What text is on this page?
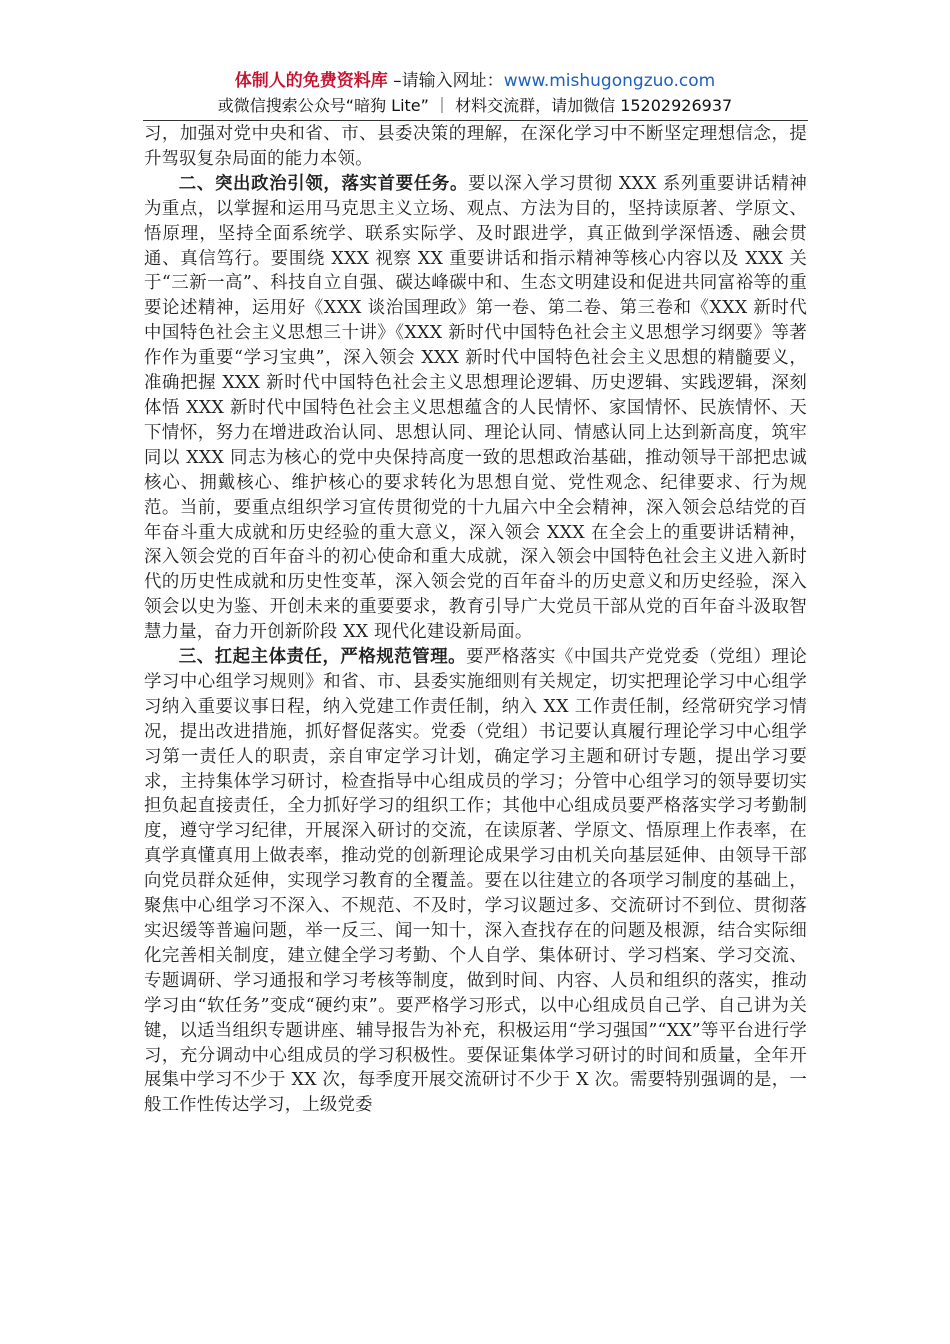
体制人的免费资料库 –请输入网址：www.mishugongzuo.com
或微信搜索公众号“暗狗 Lite” ｜ 材料交流群，请加微信 15202926937

习，加强对党中央和省、市、县委决策的理解，在深化学习中不断坚定理想信念，提升驾驭复杂局面的能力本领。

二、突出政治引领，落实首要任务。要以深入学习贯彻 XXX 系列重要讲话精神为重点，以掌握和运用马克思主义立场、观点、方法为目的，坚持读原著、学原文、悟原理，坚持全面系统学、联系实际学、及时跟进学，真正做到学深悟透、融会贯通、真信笃行。要围绕 XXX 视察 XX 重要讲话和指示精神等核心内容以及 XXX 关于“三新一高”、科技自立自强、碳达峰碳中和、生态文明建设和促进共同富裕等的重要论述精神，运用好《XXX 谈治国理政》第一卷、第二卷、第三卷和《XXX 新时代中国特色社会主义思想三十讲》《XXX 新时代中国特色社会主义思想学习纲要》等著作作为重要“学习宝典”，深入领会 XXX 新时代中国特色社会主义思想的精髓要义，准确把握 XXX 新时代中国特色社会主义思想理论逻辑、历史逻辑、实践逻辑，深刻体悟 XXX 新时代中国特色社会主义思想蕴含的人民情怀、家国情怀、民族情怀、天下情怀，努力在增进政治认同、思想认同、理论认同、情感认同上达到新高度，筑牢同以 XXX 同志为核心的党中央保持高度一致的思想政治基础，推动领导干部把忠诚核心、拥戴核心、维护核心的要求转化为思想自觉、党性观念、纪律要求、行为规范。当前，要重点组织学习宣传贯彻党的十九届六中全会精神，深入领会总结党的百年奋斗重大成就和历史经验的重大意义，深入领会 XXX 在全会上的重要讲话精神，深入领会党的百年奋斗的初心使命和重大成就，深入领会中国特色社会主义进入新时代的历史性成就和历史性变革，深入领会党的百年奋斗的历史意义和历史经验，深入领会以史为鉴、开创未来的重要要求，教育引导广大党员干部从党的百年奋斗汲取智慧力量，奋力开创新阶段 XX 现代化建设新局面。

三、扛起主体责任，严格规范管理。要严格落实《中国共产党党委（党组）理论学习中心组学习规则》和省、市、县委实施细则有关规定，切实把理论学习中心组学习纳入重要议事日程，纳入党建工作责任制，纳入 XX 工作责任制，经常研究学习情况，提出改进措施，抓好督促落实。党委（党组）书记要认真履行理论学习中心组学习第一责任人的职责，亲自审定学习计划，确定学习主题和研讨专题，提出学习要求，主持集体学习研讨，检查指导中心组成员的学习；分管中心组学习的领导要切实担负起直接责任，全力抓好学习的组织工作；其他中心组成员要严格落实学习考勤制度，遵守学习纪律，开展深入研讨的交流，在读原著、学原文、悟原理上作表率，在真学真懂真用上做表率，推动党的创新理论成果学习由机关向基层延伸、由领导干部向党员群众延伸，实现学习教育的全覆盖。要在以往建立的各项学习制度的基础上，聚焦中心组学习不深入、不规范、不及时，学习议题过多、交流研讨不到位、贯彻落实迟缓等普遍问题，举一反三、闻一知十，深入查找存在的问题及根源，结合实际细化完善相关制度，建立健全学习考勤、个人自学、集体研讨、学习档案、学习交流、专题调研、学习通报和学习考核等制度，做到时间、内容、人员和组织的落实，推动学习由“软任务”变成“硬约束”。要严格学习形式，以中心组成员自己学、自己讲为关键，以适当组织专题讲座、辅导报告为补充，积极运用“学习强国”“XX”等平台进行学习，充分调动中心组成员的学习积极性。要保证集体学习研讨的时间和质量，全年开展集中学习不少于 XX 次，每季度开展交流研讨不少于 X 次。需要特别强调的是，一般工作性传达学习，上级党委
